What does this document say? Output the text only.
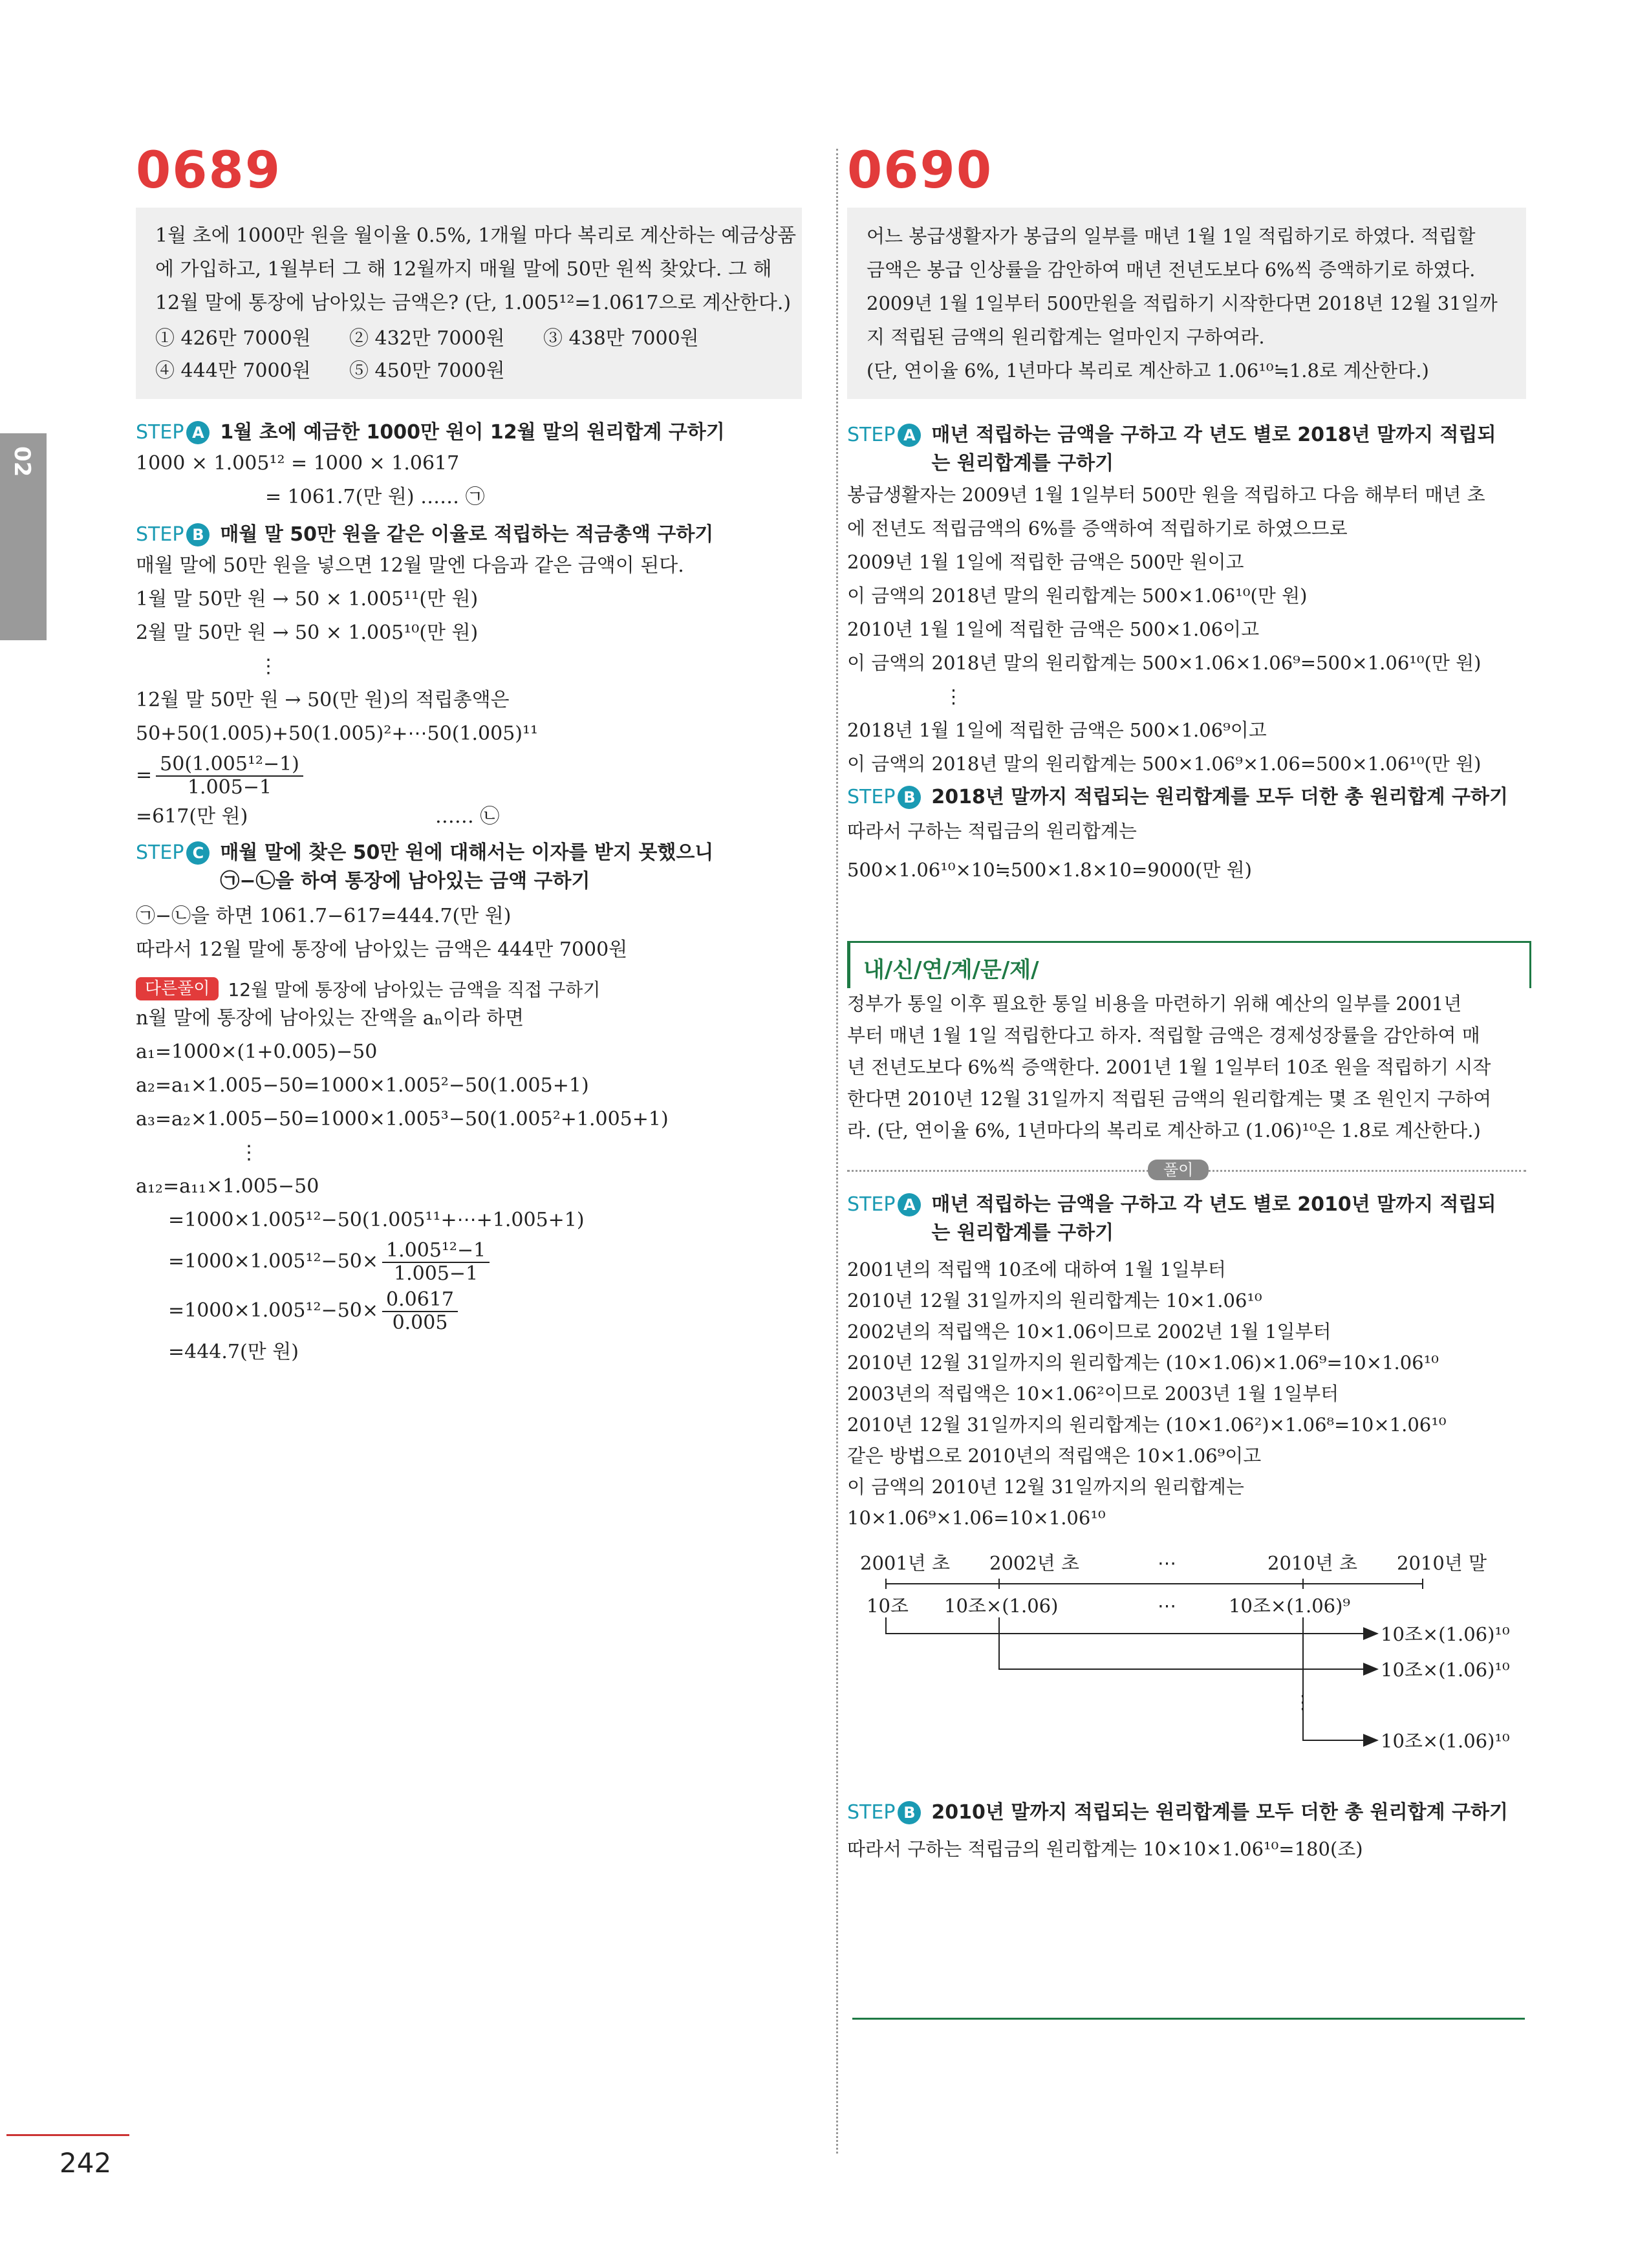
02
0689
1월 초에 1000만 원을 월이율 0.5%, 1개월 마다 복리로 계산하는 예금상품
에 가입하고, 1월부터 그 해 12월까지 매월 말에 50만 원씩 찾았다. 그 해
12월 말에 통장에 남아있는 금액은? (단, 1.005¹²=1.0617으로 계산한다.)
① 426만 7000원	② 432만 7000원	③ 438만 7000원
④ 444만 7000원	⑤ 450만 7000원
STEP A 1월 초에 예금한 1000만 원이 12월 말의 원리합계 구하기
1000 × 1.005¹² = 1000 × 1.0617
= 1061.7(만 원) …… ㉠
STEP B 매월 말 50만 원을 같은 이율로 적립하는 적금총액 구하기
매월 말에 50만 원을 넣으면 12월 말엔 다음과 같은 금액이 된다.
1월 말 50만 원 → 50 × 1.005¹¹(만 원)
2월 말 50만 원 → 50 × 1.005¹⁰(만 원)
⋮
12월 말 50만 원 → 50(만 원)의 적립총액은
50+50(1.005)+50(1.005)²+⋯50(1.005)¹¹
= $\frac{\text{50(1.005¹²−1)}}{1.005-1}$
=617(만 원)	…… ㉡
STEP C 매월 말에 찾은 50만 원에 대해서는 이자를 받지 못했으니
㉠−㉡을 하여 통장에 남아있는 금액 구하기
㉠−㉡을 하면 1061.7−617=444.7(만 원)
따라서 12월 말에 통장에 남아있는 금액은 444만 7000원
다른풀이	12월 말에 통장에 남아있는 금액을 직접 구하기
n월 말에 통장에 남아있는 잔액을 aₙ이라 하면
a₁=1000×(1+0.005)−50
a₂=a₁×1.005−50=1000×1.005²−50(1.005+1)
a₃=a₂×1.005−50=1000×1.005³−50(1.005²+1.005+1)
⋮
a₁₂=a₁₁×1.005−50
=1000×1.005¹²−50(1.005¹¹+⋯+1.005+1)
$=1000\times 1.005^{12}-50\times \frac{\text{1.005¹²−1}}{1.005-1}$
$=1000\times 1.005^{12}-50\times \frac{0.0617}{0.005}$
=444.7(만 원)
0690
어느 봉급생활자가 봉급의 일부를 매년 1월 1일 적립하기로 하였다. 적립할
금액은 봉급 인상률을 감안하여 매년 전년도보다 6%씩 증액하기로 하였다.
2009년 1월 1일부터 500만원을 적립하기 시작한다면 2018년 12월 31일까
지 적립된 금액의 원리합계는 얼마인지 구하여라.
(단, 연이율 6%, 1년마다 복리로 계산하고 1.06¹⁰≒1.8로 계산한다.)
STEP A 매년 적립하는 금액을 구하고 각 년도 별로 2018년 말까지 적립되
는 원리합계를 구하기
봉급생활자는 2009년 1월 1일부터 500만 원을 적립하고 다음 해부터 매년 초
에 전년도 적립금액의 6%를 증액하여 적립하기로 하였으므로
2009년 1월 1일에 적립한 금액은 500만 원이고
이 금액의 2018년 말의 원리합계는 500×1.06¹⁰(만 원)
2010년 1월 1일에 적립한 금액은 500×1.06이고
이 금액의 2018년 말의 원리합계는 500×1.06×1.06⁹=500×1.06¹⁰(만 원)
⋮
2018년 1월 1일에 적립한 금액은 500×1.06⁹이고
이 금액의 2018년 말의 원리합계는 500×1.06⁹×1.06=500×1.06¹⁰(만 원)
STEP B 2018년 말까지 적립되는 원리합계를 모두 더한 총 원리합계 구하기
따라서 구하는 적립금의 원리합계는
500×1.06¹⁰×10≒500×1.8×10=9000(만 원)
내/신/연/계/문/제/
정부가 통일 이후 필요한 통일 비용을 마련하기 위해 예산의 일부를 2001년
부터 매년 1월 1일 적립한다고 하자. 적립할 금액은 경제성장률을 감안하여 매
년 전년도보다 6%씩 증액한다. 2001년 1월 1일부터 10조 원을 적립하기 시작
한다면 2010년 12월 31일까지 적립된 금액의 원리합계는 몇 조 원인지 구하여
라. (단, 연이율 6%, 1년마다의 복리로 계산하고 (1.06)¹⁰은 1.8로 계산한다.)
풀이
STEP A 매년 적립하는 금액을 구하고 각 년도 별로 2010년 말까지 적립되
는 원리합계를 구하기
2001년의 적립액 10조에 대하여 1월 1일부터
2010년 12월 31일까지의 원리합계는 10×1.06¹⁰
2002년의 적립액은 10×1.06이므로 2002년 1월 1일부터
2010년 12월 31일까지의 원리합계는 (10×1.06)×1.06⁹=10×1.06¹⁰
2003년의 적립액은 10×1.06²이므로 2003년 1월 1일부터
2010년 12월 31일까지의 원리합계는 (10×1.06²)×1.06⁸=10×1.06¹⁰
같은 방법으로 2010년의 적립액은 10×1.06⁹이고
이 금액의 2010년 12월 31일까지의 원리합계는
10×1.06⁹×1.06=10×1.06¹⁰
2001년 초 2002년 초	⋯	2010년 초 2010년 말
10조 10조×(1.06)	⋯	10조×(1.06)⁹
10조×(1.06)¹⁰
10조×(1.06)¹⁰
⋮
10조×(1.06)¹⁰
STEP B 2010년 말까지 적립되는 원리합계를 모두 더한 총 원리합계 구하기
따라서 구하는 적립금의 원리합계는 10×10×1.06¹⁰=180(조)
242
